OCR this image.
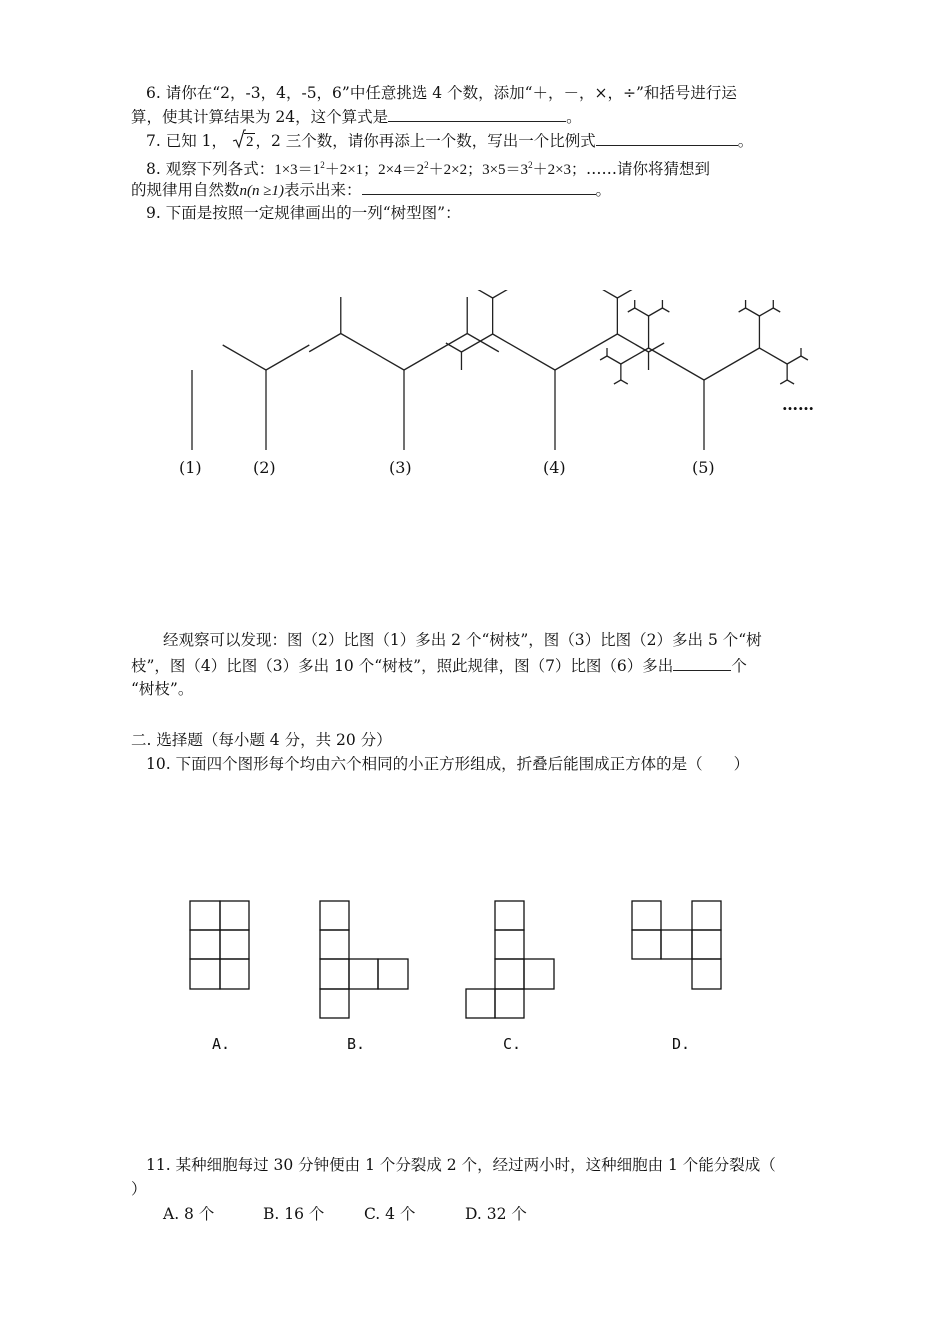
6. 请你在“2，-3，4，-5，6”中任意挑选 4 个数，添加“＋，－，×，÷”和括号进行运
算，使其计算结果为 24，这个算式是	。
7. 已知 1， 2 ，2 三个数，请你再添上一个数，写出一个比例式	。
8. 观察下列各式：$1\times 3=1^2+2\times 1$；$2\times 4=2^2+2\times 2$；$3\times 5=3^2+2\times 3$；……请你将猜想到
的规律用自然数n(n ≥1)表示出来：	。
9. 下面是按照一定规律画出的一列“树型图”：
(1)	(2)	(3)	(4)	(5)
……
经观察可以发现：图（2）比图（1）多出 2 个“树枝”，图（3）比图（2）多出 5 个“树
枝”，图（4）比图（3）多出 10 个“树枝”，照此规律，图（7）比图（6）多出	个
“树枝”。
二. 选择题（每小题 4 分，共 20 分）
10. 下面四个图形每个均由六个相同的小正方形组成，折叠后能围成正方体的是（　　）
A.	B.	C.	D.
11. 某种细胞每过 30 分钟便由 1 个分裂成 2 个，经过两小时，这种细胞由 1 个能分裂成（
）
A. 8 个	B. 16 个	C. 4 个	D. 32 个
